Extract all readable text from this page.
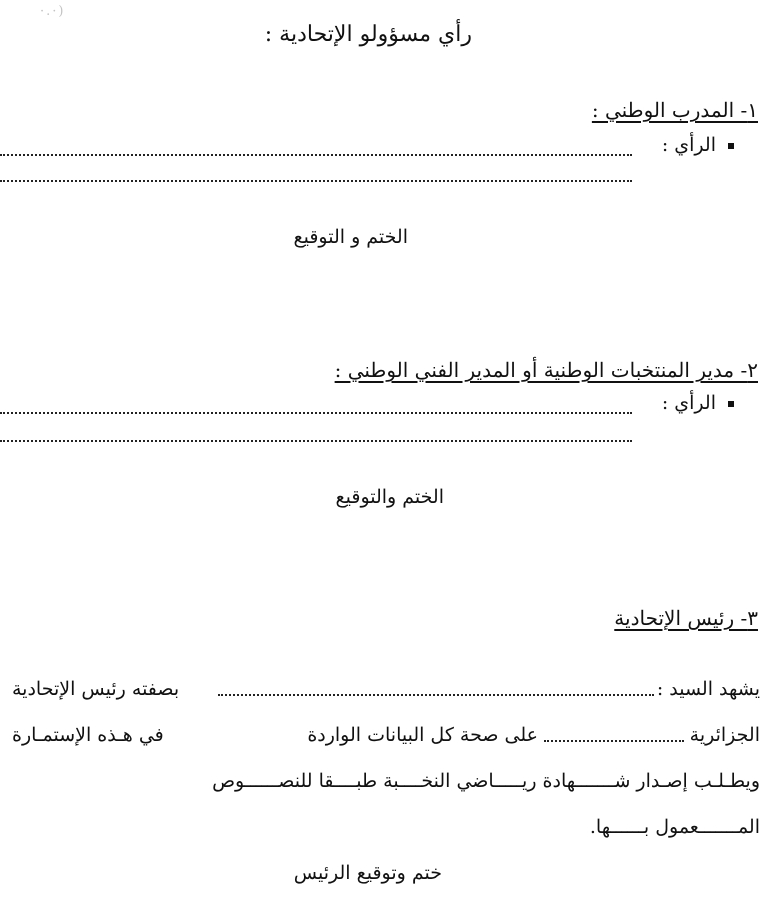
·.·)
رأي مسؤولو الإتحادية :
١- المدرب الوطني :
الرأي :
الختم و التوقيع
٢- مدير المنتخبات الوطنية أو المدير الفني الوطني :
الرأي :
الختم والتوقيع
٣- رئيس الإتحادية
يشهد السيد :
بصفته رئيس الإتحادية
الجزائرية
على صحة كل البيانات الواردة
في هـذه الإستمـارة
ويطـلـب إصـدار شـــــــهادة ريـــــاضي النخــــبة طبــــقا للنصــــــوص
المـــــــعمول بــــــها.
ختم وتوقيع الرئيس
